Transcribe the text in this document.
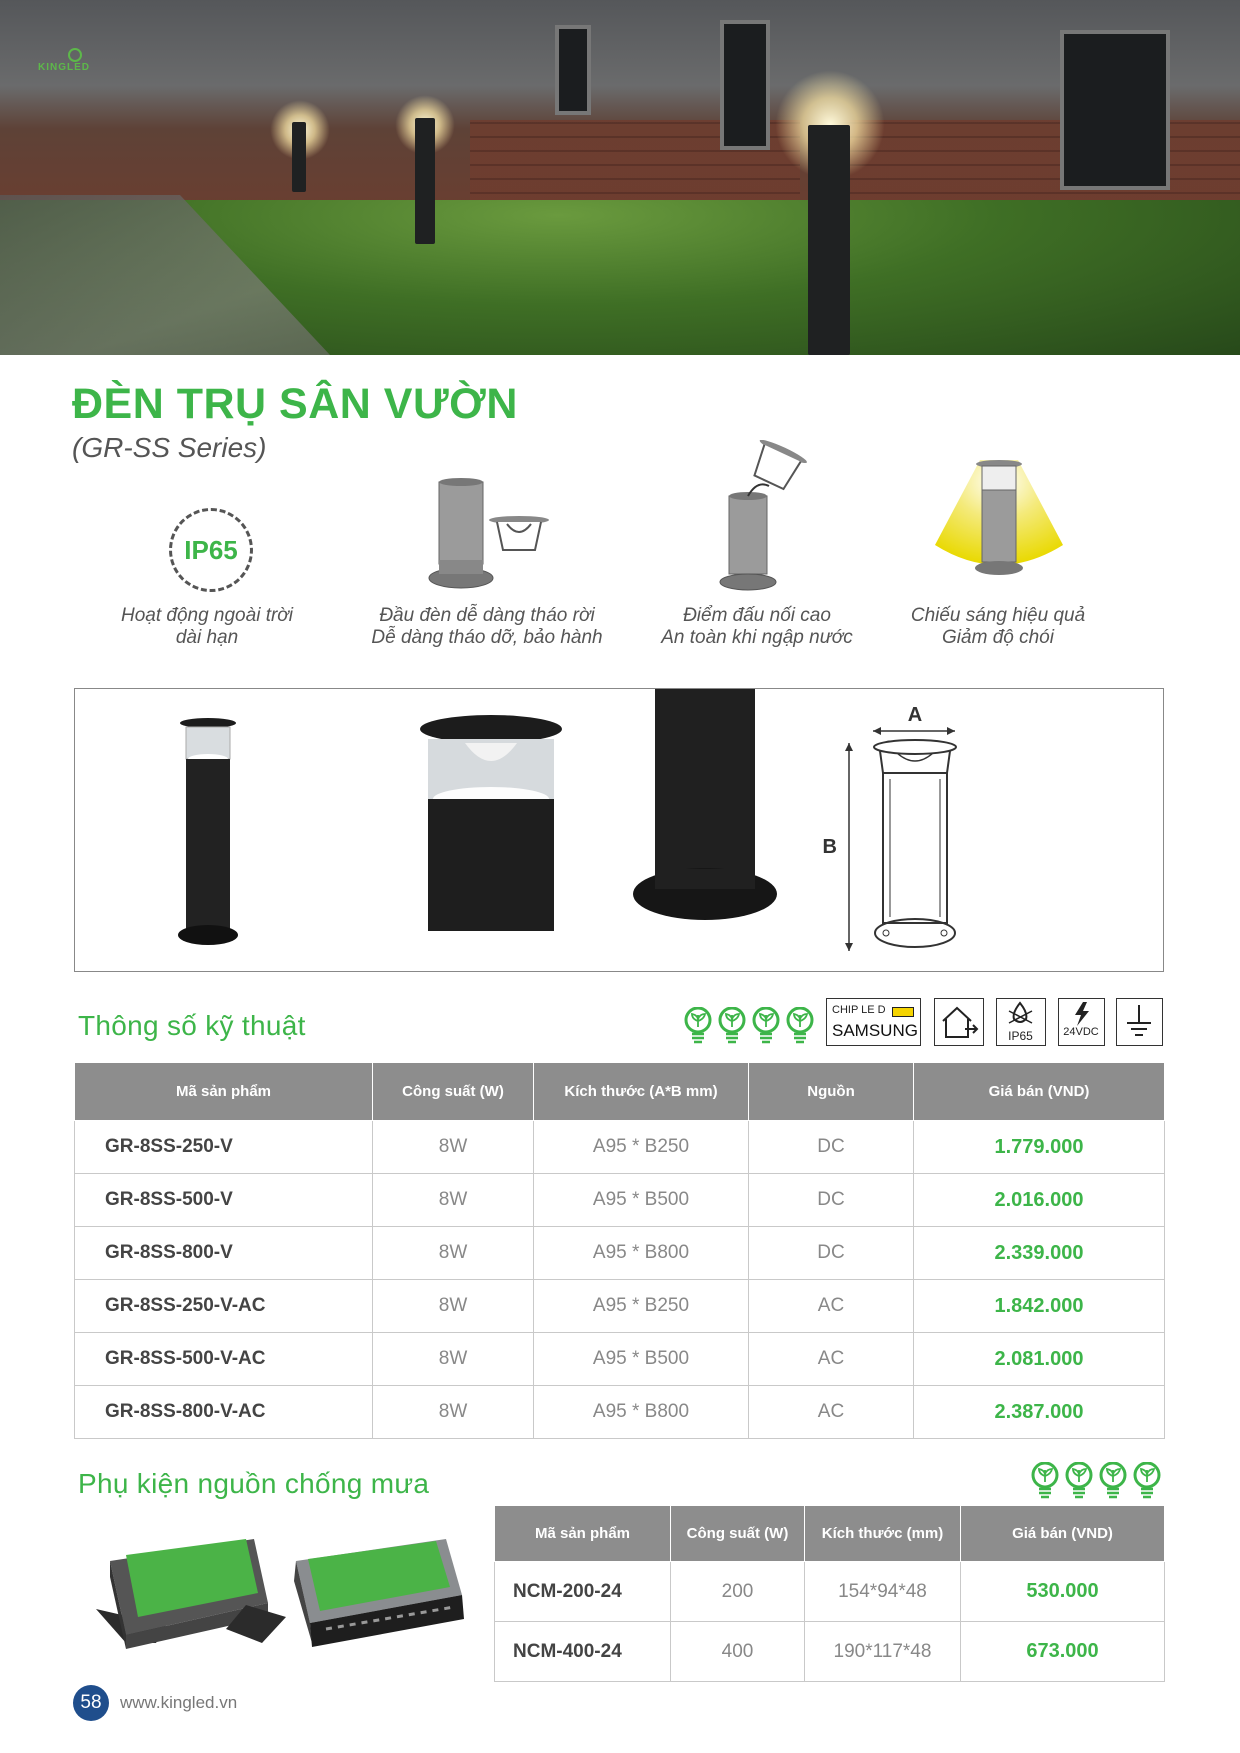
KINGLED
ĐÈN TRỤ SÂN VƯỜN
(GR-SS Series)
IP65
Hoạt động ngoài trời
dài hạn
Đầu đèn dễ dàng tháo rời
Dễ dàng tháo dỡ, bảo hành
Điểm đấu nối cao
An toàn khi ngập nước
Chiếu sáng hiệu quả
Giảm độ chói
A
B
Thông số kỹ thuật	CHIP LE D
SAMSUNG	IP65	24VDC
Mã sản phẩm	Công suất (W)	Kích thước (A*B mm)	Nguồn	Giá bán (VND)
GR-8SS-250-V	8W	A95 * B250	DC	1.779.000
GR-8SS-500-V	8W	A95 * B500	DC	2.016.000
GR-8SS-800-V	8W	A95 * B800	DC	2.339.000
GR-8SS-250-V-AC	8W	A95 * B250	AC	1.842.000
GR-8SS-500-V-AC	8W	A95 * B500	AC	2.081.000
GR-8SS-800-V-AC	8W	A95 * B800	AC	2.387.000
Phụ kiện nguồn chống mưa
Mã sản phẩm	Công suất (W)	Kích thước (mm)	Giá bán (VND)
NCM-200-24	200	154*94*48	530.000
NCM-400-24	400	190*117*48	673.000
58	www.kingled.vn
